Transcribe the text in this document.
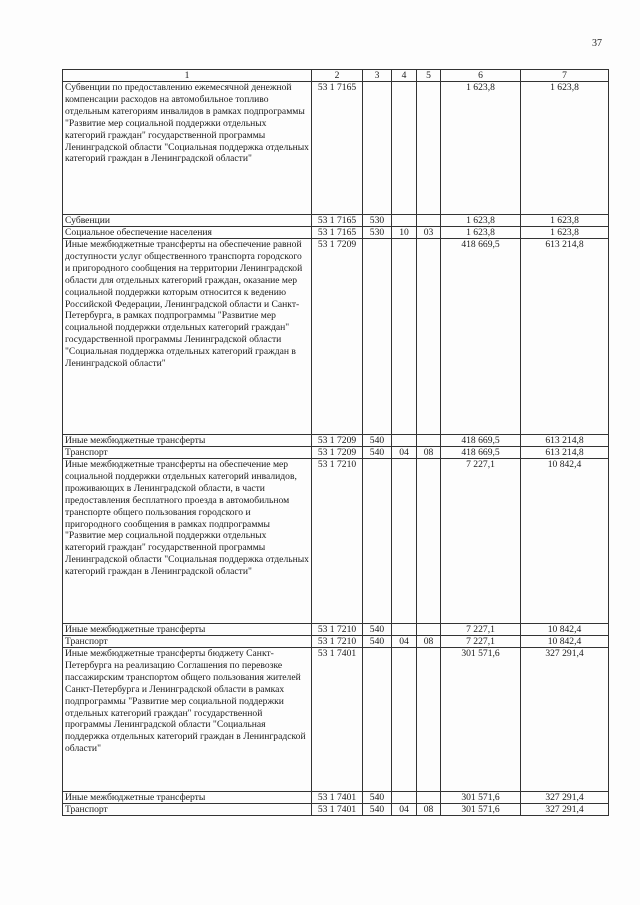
37
1	2	3	4	5	6	7
Субвенции по предоставлению ежемесячной денежной компенсации расходов на автомобильное топливо отдельным категориям инвалидов в рамках подпрограммы "Развитие мер социальной поддержки отдельных категорий граждан" государственной программы Ленинградской области "Социальная поддержка отдельных категорий граждан в Ленинградской области"	53 1 7165				1 623,8	1 623,8
Субвенции	53 1 7165	530			1 623,8	1 623,8
Социальное обеспечение населения	53 1 7165	530	10	03	1 623,8	1 623,8
Иные межбюджетные трансферты на обеспечение равной доступности услуг общественного транспорта городского и пригородного сообщения на территории Ленинградской области для отдельных категорий граждан, оказание мер социальной поддержки которым относится к ведению Российской Федерации, Ленинградской области и Санкт-Петербурга, в рамках подпрограммы "Развитие мер социальной поддержки отдельных категорий граждан" государственной программы Ленинградской области "Социальная поддержка отдельных категорий граждан в Ленинградской области"	53 1 7209				418 669,5	613 214,8
Иные межбюджетные трансферты	53 1 7209	540			418 669,5	613 214,8
Транспорт	53 1 7209	540	04	08	418 669,5	613 214,8
Иные межбюджетные трансферты на обеспечение мер социальной поддержки отдельных категорий инвалидов, проживающих в Ленинградской области, в части предоставления бесплатного проезда в автомобильном транспорте общего пользования городского и пригородного сообщения в рамках подпрограммы "Развитие мер социальной поддержки отдельных категорий граждан" государственной программы Ленинградской области "Социальная поддержка отдельных категорий граждан в Ленинградской области"	53 1 7210				7 227,1	10 842,4
Иные межбюджетные трансферты	53 1 7210	540			7 227,1	10 842,4
Транспорт	53 1 7210	540	04	08	7 227,1	10 842,4
Иные межбюджетные трансферты бюджету Санкт-Петербурга на реализацию Соглашения по перевозке пассажирским транспортом общего пользования жителей Санкт-Петербурга и Ленинградской области в рамках подпрограммы "Развитие мер социальной поддержки отдельных категорий граждан" государственной программы Ленинградской области "Социальная поддержка отдельных категорий граждан в Ленинградской области"	53 1 7401				301 571,6	327 291,4
Иные межбюджетные трансферты	53 1 7401	540			301 571,6	327 291,4
Транспорт	53 1 7401	540	04	08	301 571,6	327 291,4
